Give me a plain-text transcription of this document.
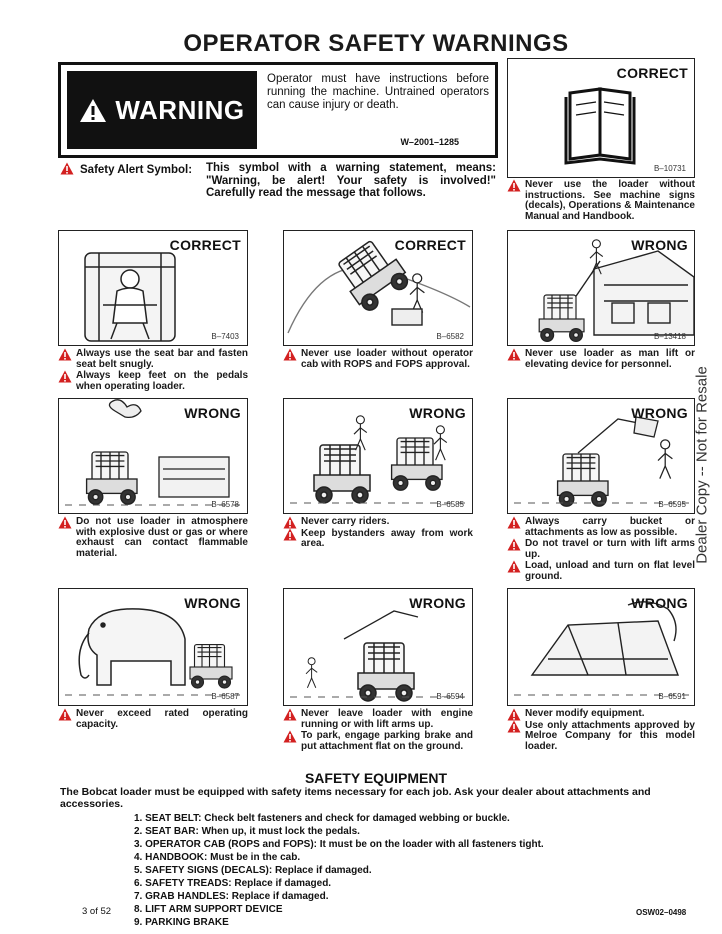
OPERATOR SAFETY WARNINGS
WARNING
Operator must have instructions before running the machine. Untrained operators can cause injury or death.
W–2001–1285
Safety Alert Symbol: This symbol with a warning statement, means: "Warning, be alert! Your safety is involved!" Carefully read the message that follows.
CORRECT
B–10731
Never use the loader without instructions. See machine signs (decals), Operations & Maintenance Manual and Handbook.
CORRECT
B–7403
Always use the seat bar and fasten seat belt snugly.
Always keep feet on the pedals when operating loader.
CORRECT
B–6582
Never use loader without operator cab with ROPS and FOPS approval.
WRONG
B–13418
Never use loader as man lift or elevating device for personnel.
WRONG
B–6578
Do not use loader in atmosphere with explosive dust or gas or where exhaust can contact flammable material.
WRONG
B–6585
Never carry riders.
Keep bystanders away from work area.
WRONG
B–6595
Always carry bucket or attachments as low as possible.
Do not travel or turn with lift arms up.
Load, unload and turn on flat level ground.
WRONG
B–6587
Never exceed rated operating capacity.
WRONG
B–6594
Never leave loader with engine running or with lift arms up.
To park, engage parking brake and put attachment flat on the ground.
WRONG
B–6591
Never modify equipment.
Use only attachments approved by Melroe Company for this model loader.
SAFETY EQUIPMENT
The Bobcat loader must be equipped with safety items necessary for each job. Ask your dealer about attachments and accessories.
1. SEAT BELT: Check belt fasteners and check for damaged webbing or buckle.
2. SEAT BAR: When up, it must lock the pedals.
3. OPERATOR CAB (ROPS and FOPS): It must be on the loader with all fasteners tight.
4. HANDBOOK: Must be in the cab.
5. SAFETY SIGNS (DECALS): Replace if damaged.
6. SAFETY TREADS: Replace if damaged.
7. GRAB HANDLES: Replace if damaged.
8. LIFT ARM SUPPORT DEVICE
9. PARKING BRAKE
3 of 52	OSW02–0498
Dealer Copy -- Not for Resale
